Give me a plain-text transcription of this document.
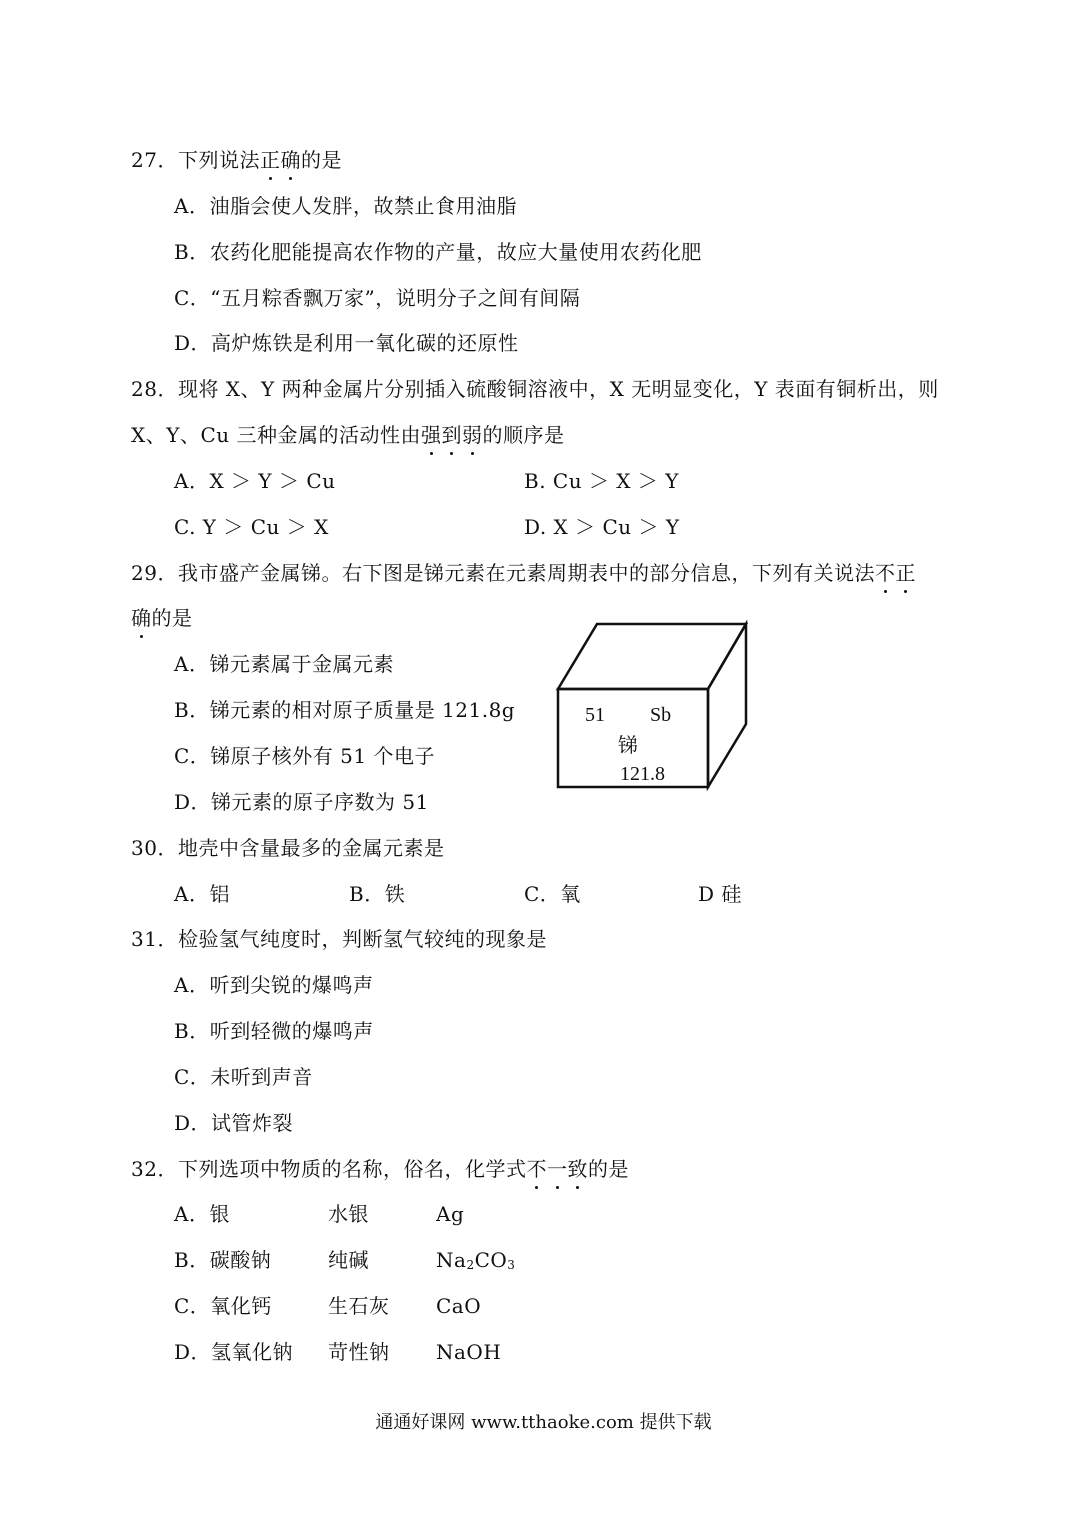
27．下列说法正确的是
A．油脂会使人发胖，故禁止食用油脂
B．农药化肥能提高农作物的产量，故应大量使用农药化肥
C．“五月粽香飘万家”，说明分子之间有间隔
D．高炉炼铁是利用一氧化碳的还原性
28．现将 X、Y 两种金属片分别插入硫酸铜溶液中，X 无明显变化，Y 表面有铜析出，则
X、Y、Cu 三种金属的活动性由强到弱的顺序是
A．X ＞ Y ＞ Cu	B. Cu ＞ X ＞ Y
C. Y ＞ Cu ＞ X	D. X ＞ Cu ＞ Y
29．我市盛产金属锑。右下图是锑元素在元素周期表中的部分信息，下列有关说法不正
确的是
A．锑元素属于金属元素
B．锑元素的相对原子质量是 121.8g
C．锑原子核外有 51 个电子
D．锑元素的原子序数为 51
51 Sb
锑
121.8
30．地壳中含量最多的金属元素是
A．铝	B．铁	C．氧	D 硅
31．检验氢气纯度时，判断氢气较纯的现象是
A．听到尖锐的爆鸣声
B．听到轻微的爆鸣声
C．未听到声音
D．试管炸裂
32．下列选项中物质的名称，俗名，化学式不一致的是
A．银	水银	Ag
B．碳酸钠	纯碱	Na2CO3
C．氧化钙	生石灰 CaO
D．氢氧化钠 苛性钠 NaOH
通通好课网 www.tthaoke.com 提供下载
